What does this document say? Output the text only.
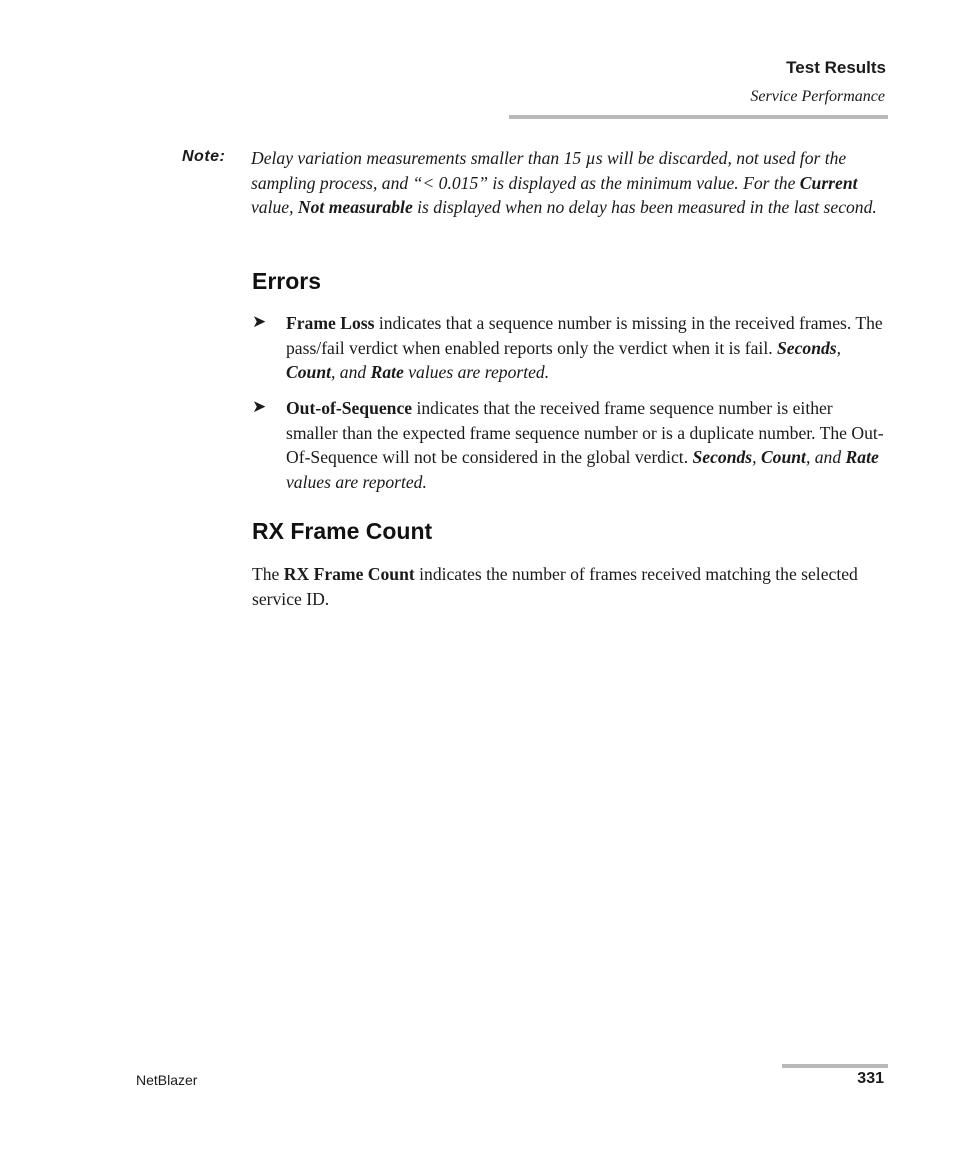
Test Results
Service Performance
Note: Delay variation measurements smaller than 15 µs will be discarded, not used for the sampling process, and “< 0.015” is displayed as the minimum value. For the Current value, Not measurable is displayed when no delay has been measured in the last second.
Errors
➤ Frame Loss indicates that a sequence number is missing in the received frames. The pass/fail verdict when enabled reports only the verdict when it is fail. Seconds, Count, and Rate values are reported.
➤ Out-of-Sequence indicates that the received frame sequence number is either smaller than the expected frame sequence number or is a duplicate number. The Out-Of-Sequence will not be considered in the global verdict. Seconds, Count, and Rate values are reported.
RX Frame Count
The RX Frame Count indicates the number of frames received matching the selected service ID.
NetBlazer	331
